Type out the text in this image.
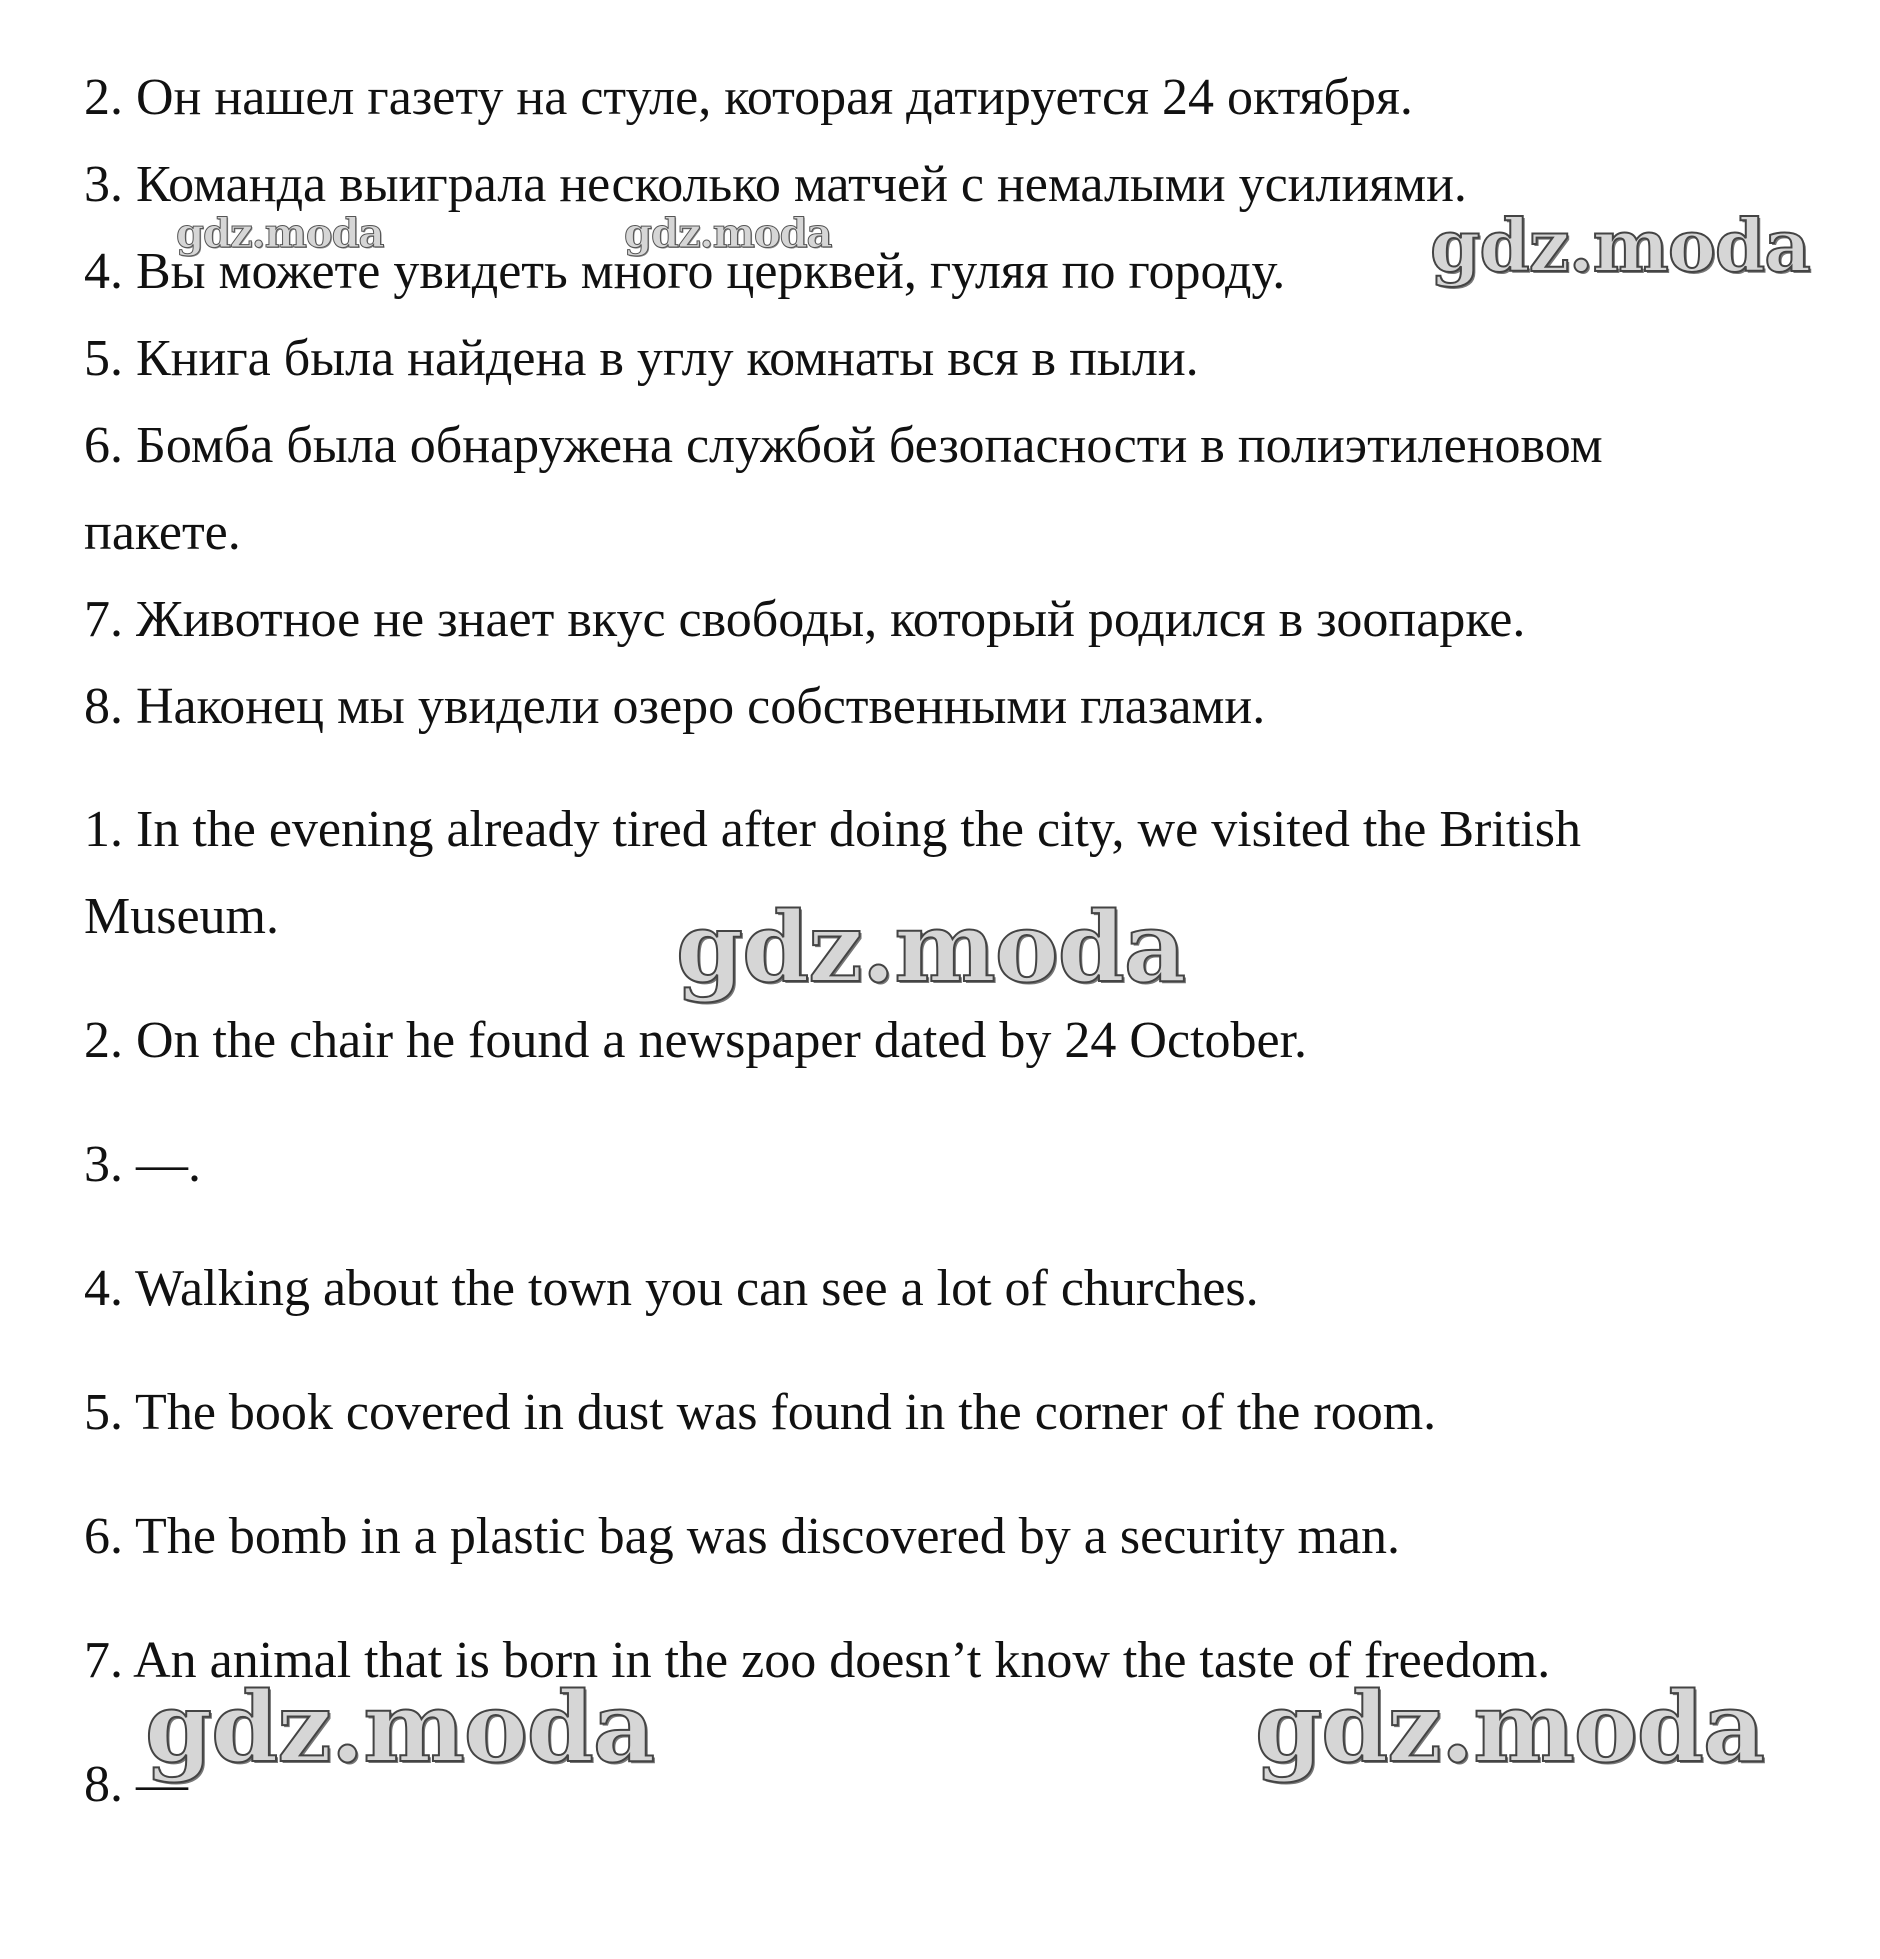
2. Он нашел газету на стуле, которая датируется 24 октября.
3. Команда выиграла несколько матчей с немалыми усилиями.
4. Вы можете увидеть много церквей, гуляя по городу.
5. Книга была найдена в углу комнаты вся в пыли.
6. Бомба была обнаружена службой безопасности в полиэтиленовом
пакете.
7. Животное не знает вкус свободы, который родился в зоопарке.
8. Наконец мы увидели озеро собственными глазами.
1. In the evening already tired after doing the city, we visited the British
Museum.
2. On the chair he found a newspaper dated by 24 October.
3. —.
4. Walking about the town you can see a lot of churches.
5. The book covered in dust was found in the corner of the room.
6. The bomb in a plastic bag was discovered by a security man.
7. An animal that is born in the zoo doesn’t know the taste of freedom.
8. —
gdz.moda	gdz.moda	gdz.moda
gdz.moda
gdz.moda	gdz.moda
